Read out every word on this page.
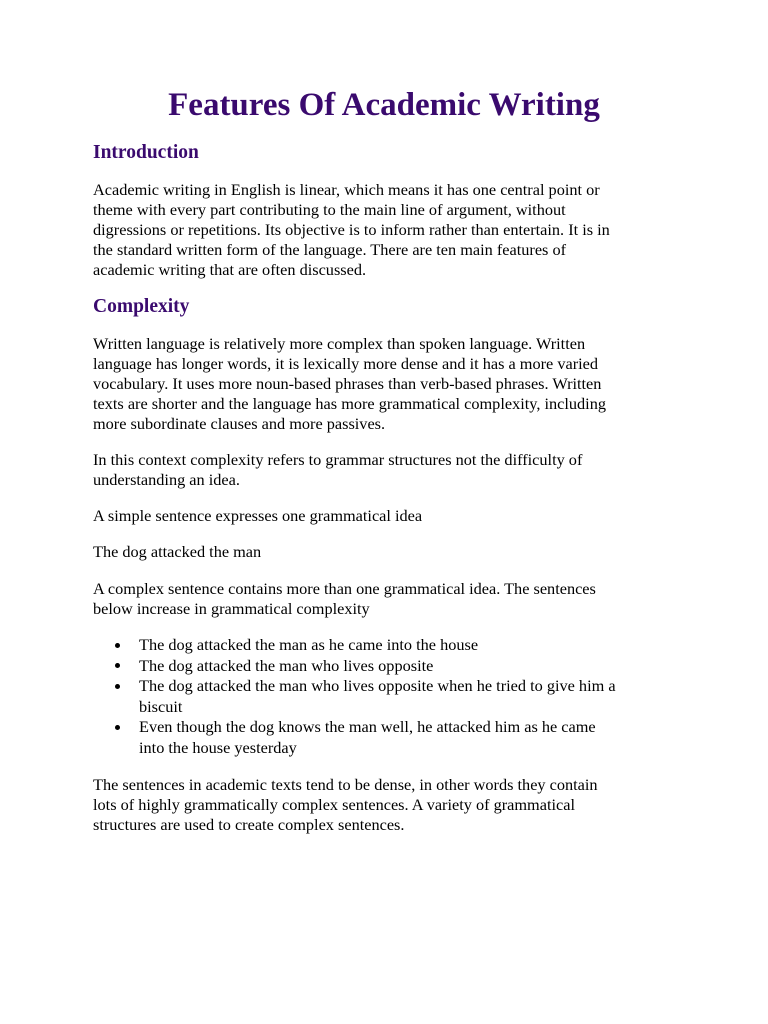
Features Of Academic Writing
Introduction

Academic writing in English is linear, which means it has one central point or
theme with every part contributing to the main line of argument, without
digressions or repetitions. Its objective is to inform rather than entertain. It is in
the standard written form of the language. There are ten main features of
academic writing that are often discussed.

Complexity

Written language is relatively more complex than spoken language. Written
language has longer words, it is lexically more dense and it has a more varied
vocabulary. It uses more noun-based phrases than verb-based phrases. Written
texts are shorter and the language has more grammatical complexity, including
more subordinate clauses and more passives.

In this context complexity refers to grammar structures not the difficulty of
understanding an idea.

A simple sentence expresses one grammatical idea

The dog attacked the man

A complex sentence contains more than one grammatical idea. The sentences
below increase in grammatical complexity

The dog attacked the man as he came into the house
The dog attacked the man who lives opposite
The dog attacked the man who lives opposite when he tried to give him a
biscuit
Even though the dog knows the man well, he attacked him as he came
into the house yesterday

The sentences in academic texts tend to be dense, in other words they contain
lots of highly grammatically complex sentences. A variety of grammatical
structures are used to create complex sentences.
